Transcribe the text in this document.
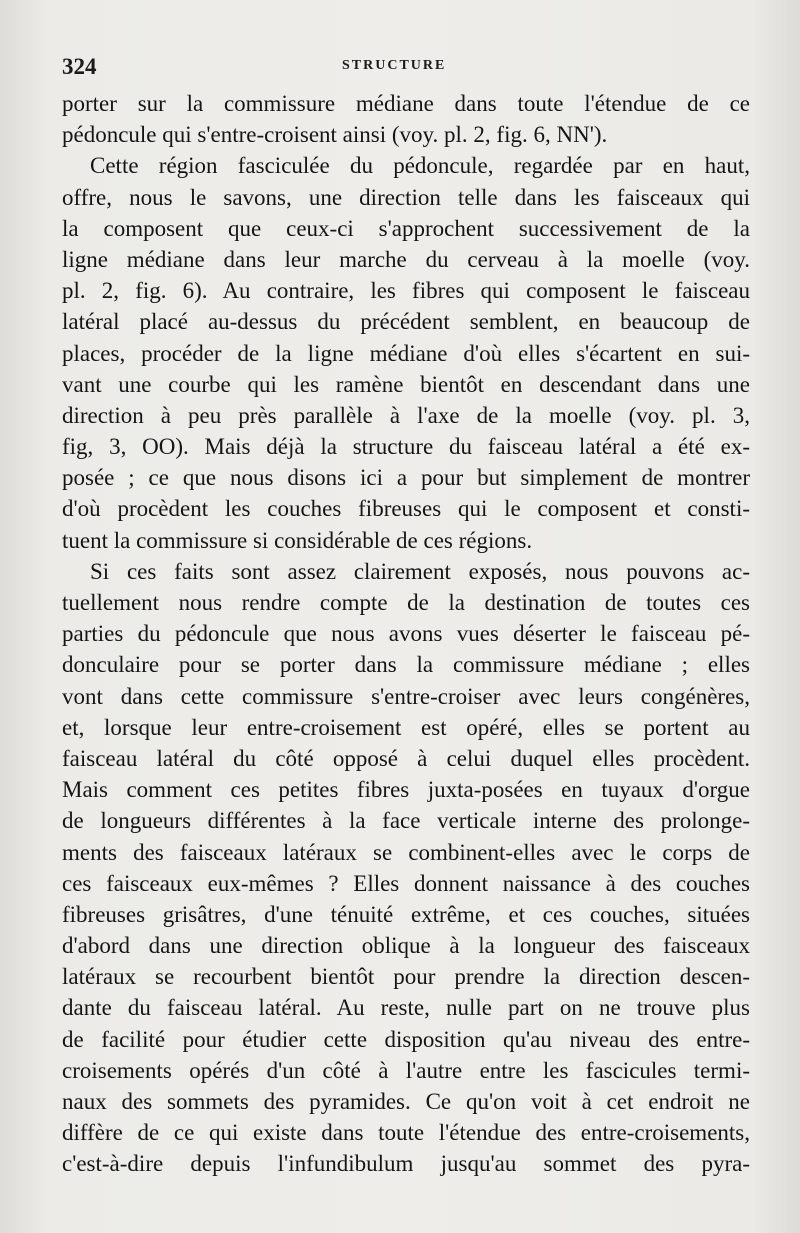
324	STRUCTURE
porter sur la commissure médiane dans toute l'étendue de ce
pédoncule qui s'entre-croisent ainsi (voy. pl. 2, fig. 6, NN').
Cette région fasciculée du pédoncule, regardée par en haut,
offre, nous le savons, une direction telle dans les faisceaux qui
la composent que ceux-ci s'approchent successivement de la
ligne médiane dans leur marche du cerveau à la moelle (voy.
pl. 2, fig. 6). Au contraire, les fibres qui composent le faisceau
latéral placé au-dessus du précédent semblent, en beaucoup de
places, procéder de la ligne médiane d'où elles s'écartent en sui-
vant une courbe qui les ramène bientôt en descendant dans une
direction à peu près parallèle à l'axe de la moelle (voy. pl. 3,
fig, 3, OO). Mais déjà la structure du faisceau latéral a été ex-
posée ; ce que nous disons ici a pour but simplement de montrer
d'où procèdent les couches fibreuses qui le composent et consti-
tuent la commissure si considérable de ces régions.
Si ces faits sont assez clairement exposés, nous pouvons ac-
tuellement nous rendre compte de la destination de toutes ces
parties du pédoncule que nous avons vues déserter le faisceau pé-
donculaire pour se porter dans la commissure médiane ; elles
vont dans cette commissure s'entre-croiser avec leurs congénères,
et, lorsque leur entre-croisement est opéré, elles se portent au
faisceau latéral du côté opposé à celui duquel elles procèdent.
Mais comment ces petites fibres juxta-posées en tuyaux d'orgue
de longueurs différentes à la face verticale interne des prolonge-
ments des faisceaux latéraux se combinent-elles avec le corps de
ces faisceaux eux-mêmes ? Elles donnent naissance à des couches
fibreuses grisâtres, d'une ténuité extrême, et ces couches, situées
d'abord dans une direction oblique à la longueur des faisceaux
latéraux se recourbent bientôt pour prendre la direction descen-
dante du faisceau latéral. Au reste, nulle part on ne trouve plus
de facilité pour étudier cette disposition qu'au niveau des entre-
croisements opérés d'un côté à l'autre entre les fascicules termi-
naux des sommets des pyramides. Ce qu'on voit à cet endroit ne
diffère de ce qui existe dans toute l'étendue des entre-croisements,
c'est-à-dire depuis l'infundibulum jusqu'au sommet des pyra-
